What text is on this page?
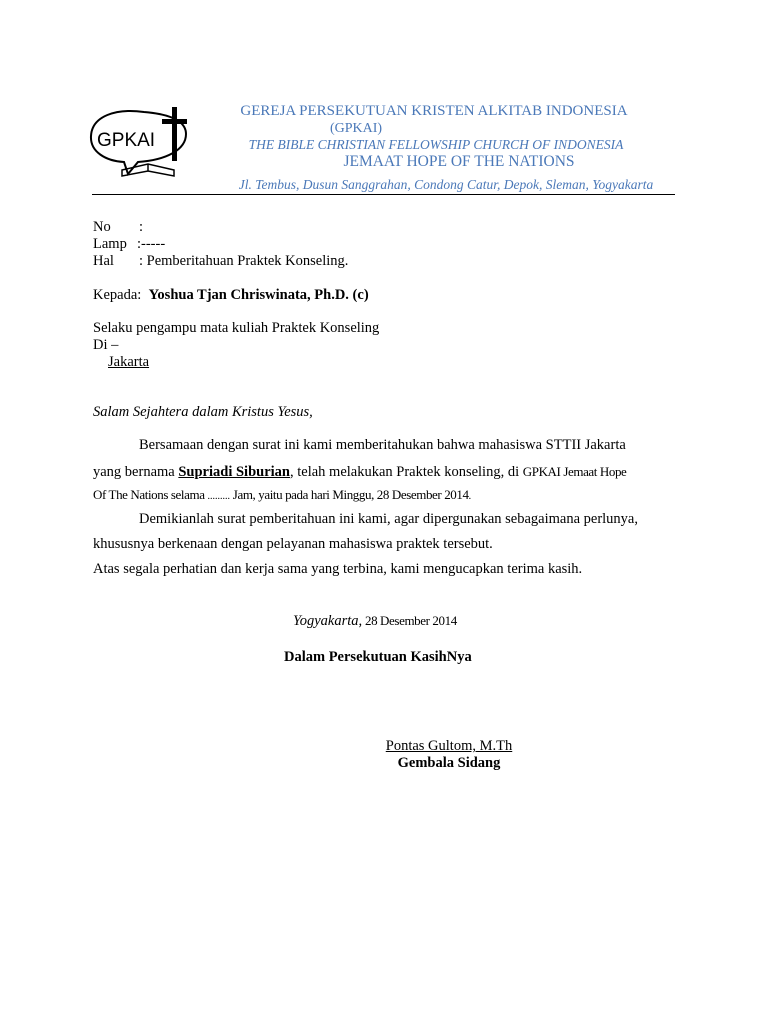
GPKAI
GEREJA PERSEKUTUAN KRISTEN ALKITAB INDONESIA
(GPKAI)
THE BIBLE CHRISTIAN FELLOWSHIP CHURCH OF INDONESIA
JEMAAT HOPE OF THE NATIONS
Jl. Tembus, Dusun Sanggrahan, Condong Catur, Depok, Sleman, Yogyakarta
No :
Lamp :-----
Hal : Pemberitahuan Praktek Konseling.
Kepada: Yoshua Tjan Chriswinata, Ph.D. (c)
Selaku pengampu mata kuliah Praktek Konseling
Di –
Jakarta
Salam Sejahtera dalam Kristus Yesus,
Bersamaan dengan surat ini kami memberitahukan bahwa mahasiswa STTII Jakarta
yang bernama Supriadi Siburian, telah melakukan Praktek konseling, di GPKAI Jemaat Hope
Of The Nations selama ......... Jam, yaitu pada hari Minggu, 28 Desember 2014.
Demikianlah surat pemberitahuan ini kami, agar dipergunakan sebagaimana perlunya,
khususnya berkenaan dengan pelayanan mahasiswa praktek tersebut.
Atas segala perhatian dan kerja sama yang terbina, kami mengucapkan terima kasih.
Yogyakarta, 28 Desember 2014
Dalam Persekutuan KasihNya
Pontas Gultom, M.Th
Gembala Sidang
